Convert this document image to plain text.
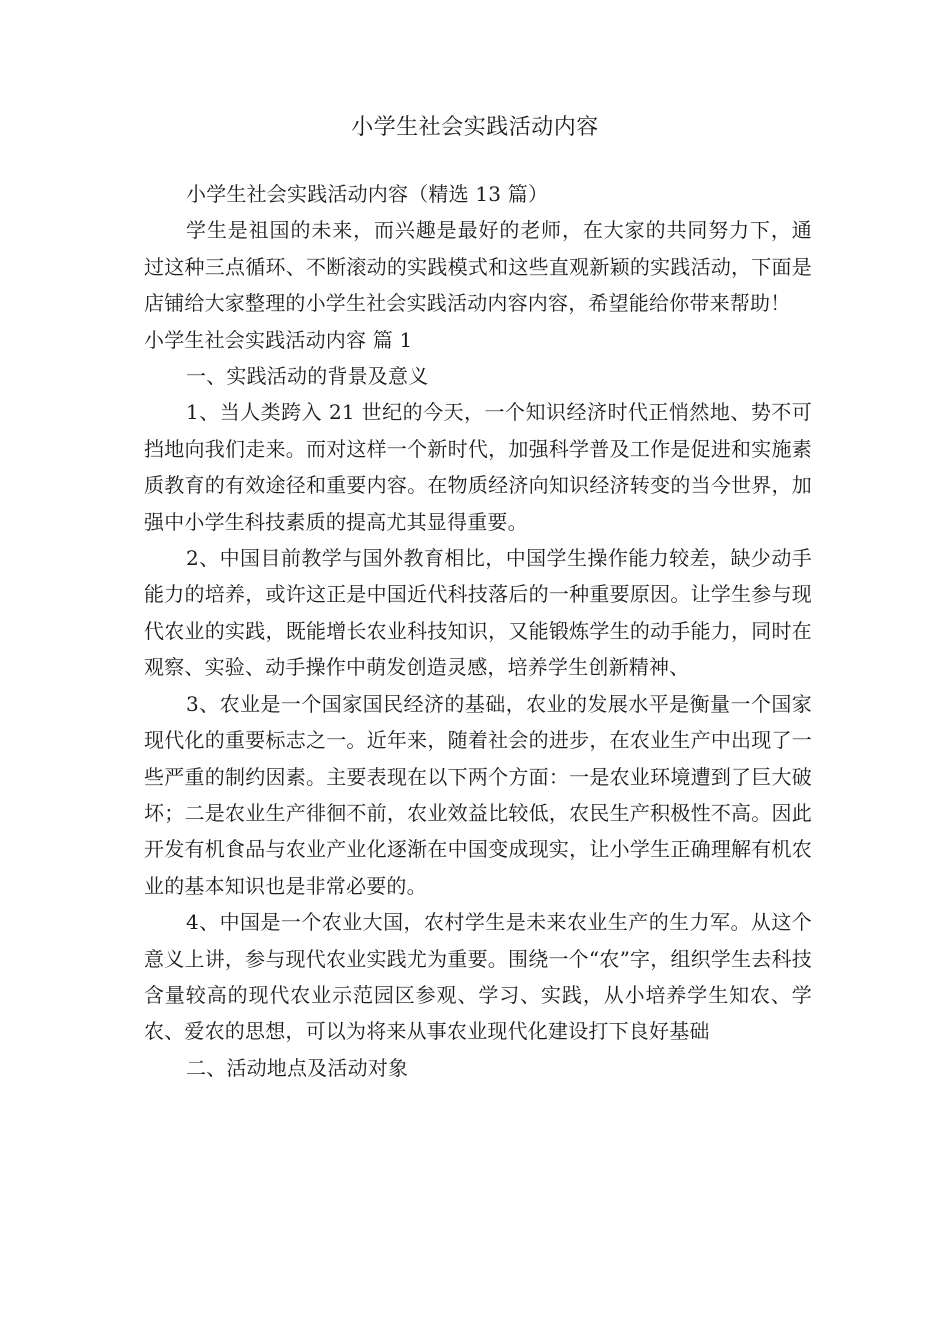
小学生社会实践活动内容

小学生社会实践活动内容（精选 13 篇）

学生是祖国的未来，而兴趣是最好的老师，在大家的共同努力下，通过这种三点循环、不断滚动的实践模式和这些直观新颖的实践活动，下面是店铺给大家整理的小学生社会实践活动内容内容，希望能给你带来帮助！

小学生社会实践活动内容 篇 1

一、实践活动的背景及意义

1、当人类跨入 21 世纪的今天，一个知识经济时代正悄然地、势不可挡地向我们走来。而对这样一个新时代，加强科学普及工作是促进和实施素质教育的有效途径和重要内容。在物质经济向知识经济转变的当今世界，加强中小学生科技素质的提高尤其显得重要。

2、中国目前教学与国外教育相比，中国学生操作能力较差，缺少动手能力的培养，或许这正是中国近代科技落后的一种重要原因。让学生参与现代农业的实践，既能增长农业科技知识，又能锻炼学生的动手能力，同时在观察、实验、动手操作中萌发创造灵感，培养学生创新精神、

3、农业是一个国家国民经济的基础，农业的发展水平是衡量一个国家现代化的重要标志之一。近年来，随着社会的进步，在农业生产中出现了一些严重的制约因素。主要表现在以下两个方面：一是农业环境遭到了巨大破坏；二是农业生产徘徊不前，农业效益比较低，农民生产积极性不高。因此开发有机食品与农业产业化逐渐在中国变成现实，让小学生正确理解有机农业的基本知识也是非常必要的。

4、中国是一个农业大国，农村学生是未来农业生产的生力军。从这个意义上讲，参与现代农业实践尤为重要。围绕一个“农”字，组织学生去科技含量较高的现代农业示范园区参观、学习、实践，从小培养学生知农、学农、爱农的思想，可以为将来从事农业现代化建设打下良好基础

二、活动地点及活动对象
